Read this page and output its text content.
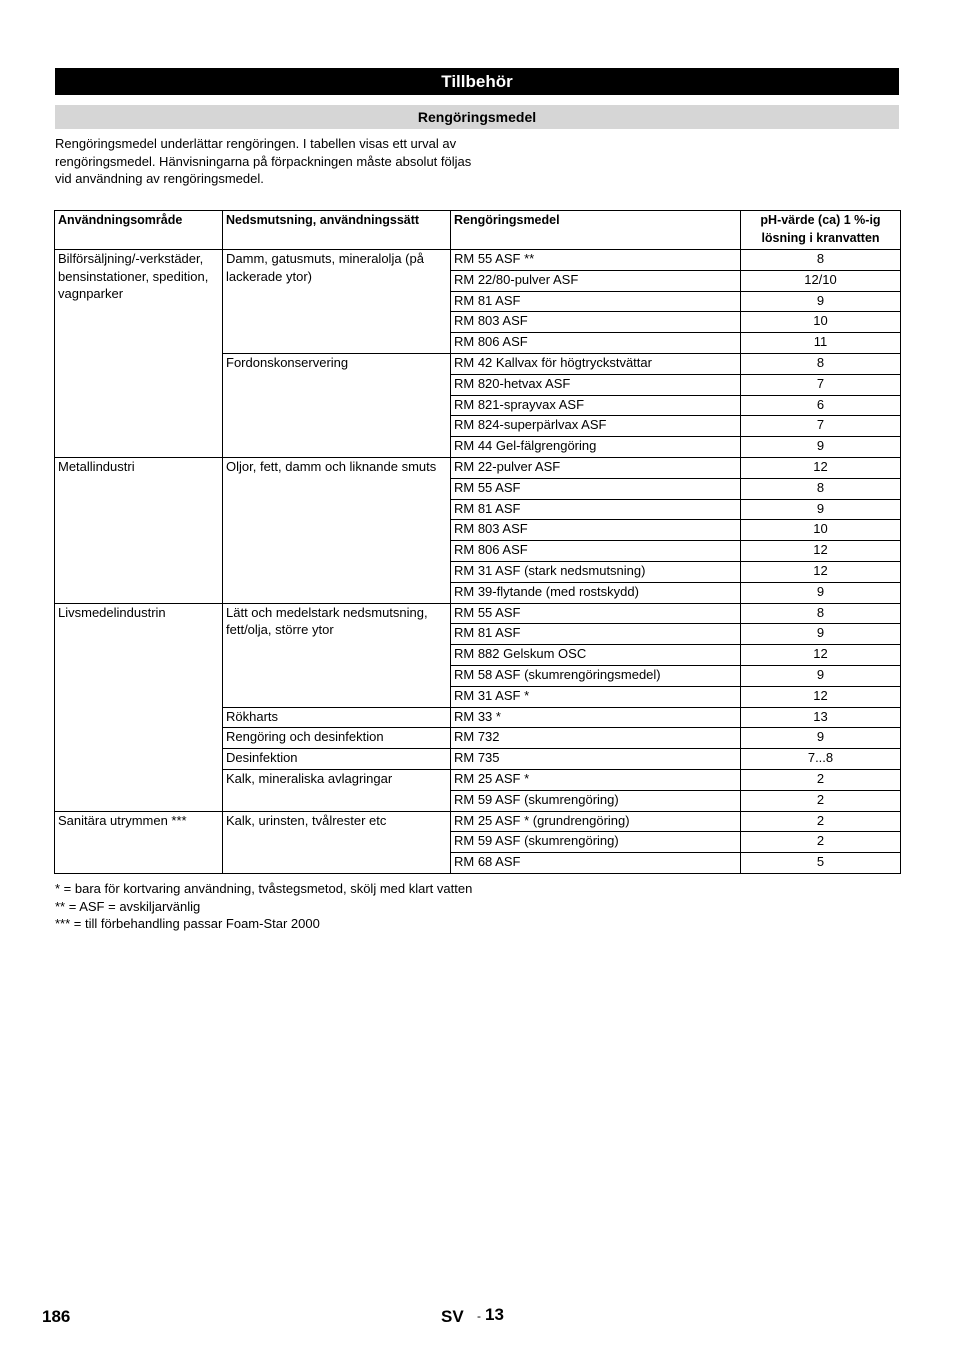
Tillbehör
Rengöringsmedel
Rengöringsmedel underlättar rengöringen. I tabellen visas ett urval av rengöringsmedel. Hänvisningarna på förpackningen måste absolut följas vid användning av rengöringsmedel.
Användningsområde	Nedsmutsning, användningssätt	Rengöringsmedel	pH-värde (ca) 1 %-ig lösning i kranvatten
Bilförsäljning/-verkstäder, bensinstationer, spedition, vagnparker	Damm, gatusmuts, mineralolja (på lackerade ytor)	RM 55 ASF **	8
		RM 22/80-pulver ASF	12/10
		RM 81 ASF	9
		RM 803 ASF	10
		RM 806 ASF	11
	Fordonskonservering	RM 42 Kallvax för högtryckstvättar	8
		RM 820-hetvax ASF	7
		RM 821-sprayvax ASF	6
		RM 824-superpärlvax ASF	7
		RM 44 Gel-fälgrengöring	9
Metallindustri	Oljor, fett, damm och liknande smuts	RM 22-pulver ASF	12
		RM 55 ASF	8
		RM 81 ASF	9
		RM 803 ASF	10
		RM 806 ASF	12
		RM 31 ASF (stark nedsmutsning)	12
		RM 39-flytande (med rostskydd)	9
Livsmedelindustrin	Lätt och medelstark nedsmutsning, fett/olja, större ytor	RM 55 ASF	8
		RM 81 ASF	9
		RM 882 Gelskum OSC	12
		RM 58 ASF (skumrengöringsmedel)	9
		RM 31 ASF *	12
	Rökharts	RM 33 *	13
	Rengöring och desinfektion	RM 732	9
	Desinfektion	RM 735	7...8
	Kalk, mineraliska avlagringar	RM 25 ASF *	2
		RM 59 ASF (skumrengöring)	2
Sanitära utrymmen ***	Kalk, urinsten, tvålrester etc	RM 25 ASF * (grundrengöring)	2
		RM 59 ASF (skumrengöring)	2
		RM 68 ASF	5
* = bara för kortvaring användning, tvåstegsmetod, skölj med klart vatten
** = ASF = avskiljarvänlig
*** = till förbehandling passar Foam-Star 2000
186	SV - 13
